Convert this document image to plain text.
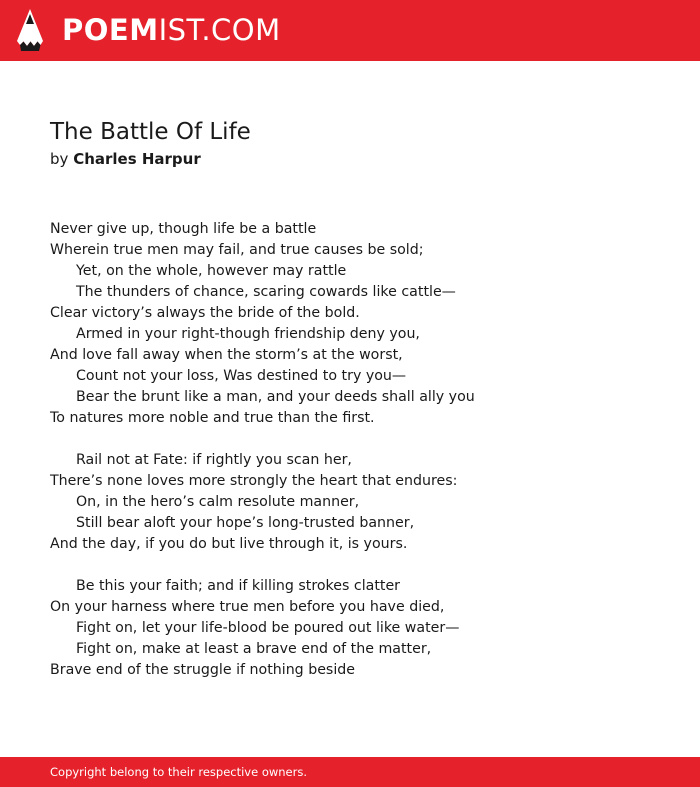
POEMIST.COM
The Battle Of Life
by Charles Harpur
Never give up, though life be a battle
Wherein true men may fail, and true causes be sold;
Yet, on the whole, however may rattle
The thunders of chance, scaring cowards like cattle—
Clear victory’s always the bride of the bold.
Armed in your right-though friendship deny you,
And love fall away when the storm’s at the worst,
Count not your loss, Was destined to try you—
Bear the brunt like a man, and your deeds shall ally you
To natures more noble and true than the first.
Rail not at Fate: if rightly you scan her,
There’s none loves more strongly the heart that endures:
On, in the hero’s calm resolute manner,
Still bear aloft your hope’s long-trusted banner,
And the day, if you do but live through it, is yours.
Be this your faith; and if killing strokes clatter
On your harness where true men before you have died,
Fight on, let your life-blood be poured out like water—
Fight on, make at least a brave end of the matter,
Brave end of the struggle if nothing beside
Copyright belong to their respective owners.
